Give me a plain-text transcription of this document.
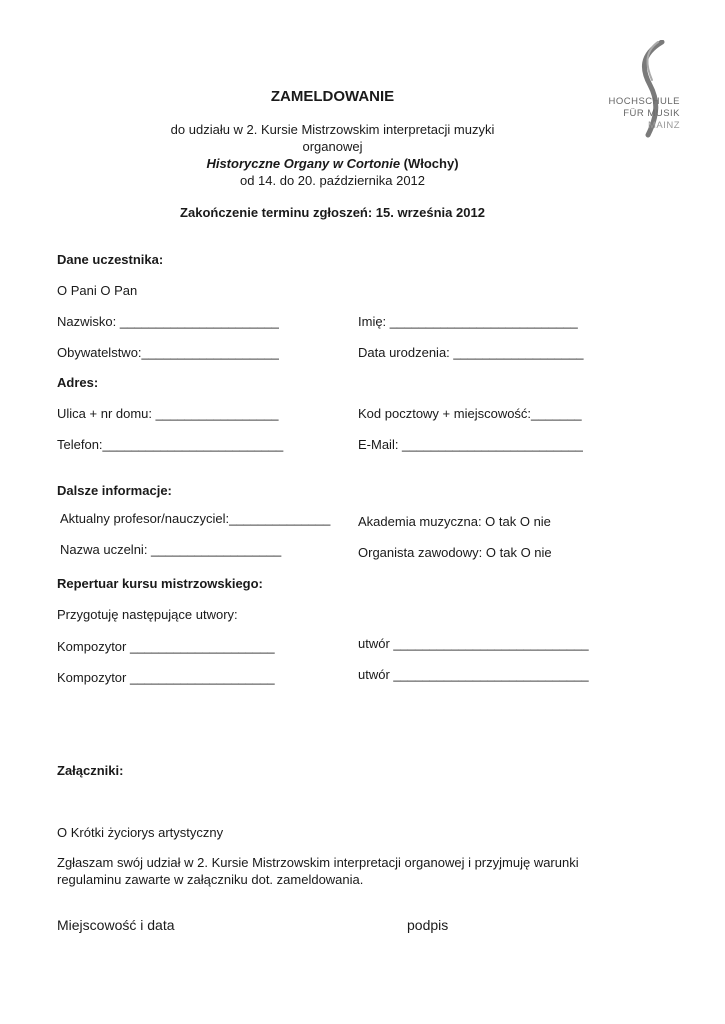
HOCHSCHULE
FÜR MUSIK
MAINZ
ZAMELDOWANIE
do udziału w 2. Kursie Mistrzowskim interpretacji muzyki
organowej
Historyczne Organy w Cortonie (Włochy)
od 14. do 20. października 2012
Zakończenie terminu zgłoszeń: 15. września 2012
Dane uczestnika:
O Pani O Pan
Nazwisko: ______________________	Imię: __________________________
Obywatelstwo:___________________	Data urodzenia: __________________
Adres:
Ulica + nr domu: _________________	Kod pocztowy + miejscowość:_______
Telefon:_________________________	E-Mail: _________________________
Dalsze informacje:
Aktualny profesor/nauczyciel:______________ Akademia muzyczna: O tak O nie
Nazwa uczelni: __________________	Organista zawodowy: O tak O nie
Repertuar kursu mistrzowskiego:
Przygotuję następujące utwory:
Kompozytor ____________________	utwór ___________________________
Kompozytor ____________________	utwór ___________________________
Załączniki:
O Krótki życiorys artystyczny
Zgłaszam swój udział w 2. Kursie Mistrzowskim interpretacji organowej i przyjmuję warunki
regulaminu zawarte w załączniku dot. zameldowania.
Miejscowość i data	podpis
